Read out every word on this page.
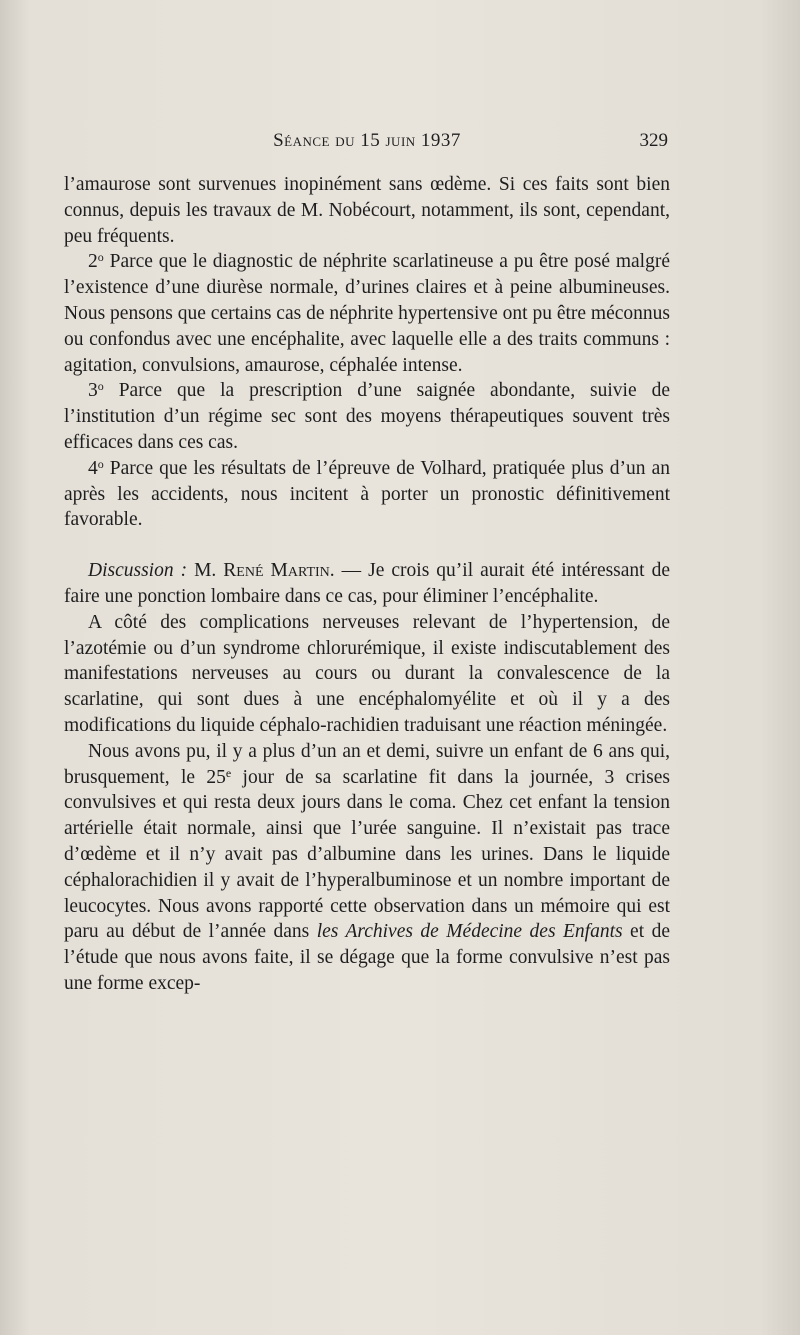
Séance du 15 juin 1937	329

l’amaurose sont survenues inopinément sans œdème. Si ces faits sont bien connus, depuis les travaux de M. Nobécourt, notamment, ils sont, cependant, peu fréquents.

2$^o$ Parce que le diagnostic de néphrite scarlatineuse a pu être posé malgré l’existence d’une diurèse normale, d’urines claires et à peine albumineuses. Nous pensons que certains cas de néphrite hypertensive ont pu être méconnus ou confondus avec une encéphalite, avec laquelle elle a des traits communs : agitation, convulsions, amaurose, céphalée intense.

3$^o$ Parce que la prescription d’une saignée abondante, suivie de l’institution d’un régime sec sont des moyens thérapeutiques souvent très efficaces dans ces cas.

4$^o$ Parce que les résultats de l’épreuve de Volhard, pratiquée plus d’un an après les accidents, nous incitent à porter un pronostic définitivement favorable.

Discussion : M. René Martin. — Je crois qu’il aurait été intéressant de faire une ponction lombaire dans ce cas, pour éliminer l’encéphalite.

A côté des complications nerveuses relevant de l’hypertension, de l’azotémie ou d’un syndrome chlorurémique, il existe indiscutablement des manifestations nerveuses au cours ou durant la convalescence de la scarlatine, qui sont dues à une encéphalomyélite et où il y a des modifications du liquide céphalo-rachidien traduisant une réaction méningée.

Nous avons pu, il y a plus d’un an et demi, suivre un enfant de 6 ans qui, brusquement, le 25e jour de sa scarlatine fit dans la journée, 3 crises convulsives et qui resta deux jours dans le coma. Chez cet enfant la tension artérielle était normale, ainsi que l’urée sanguine. Il n’existait pas trace d’œdème et il n’y avait pas d’albumine dans les urines. Dans le liquide céphalorachidien il y avait de l’hyperalbuminose et un nombre important de leucocytes. Nous avons rapporté cette observation dans un mémoire qui est paru au début de l’année dans les Archives de Médecine des Enfants et de l’étude que nous avons faite, il se dégage que la forme convulsive n’est pas une forme excep-
